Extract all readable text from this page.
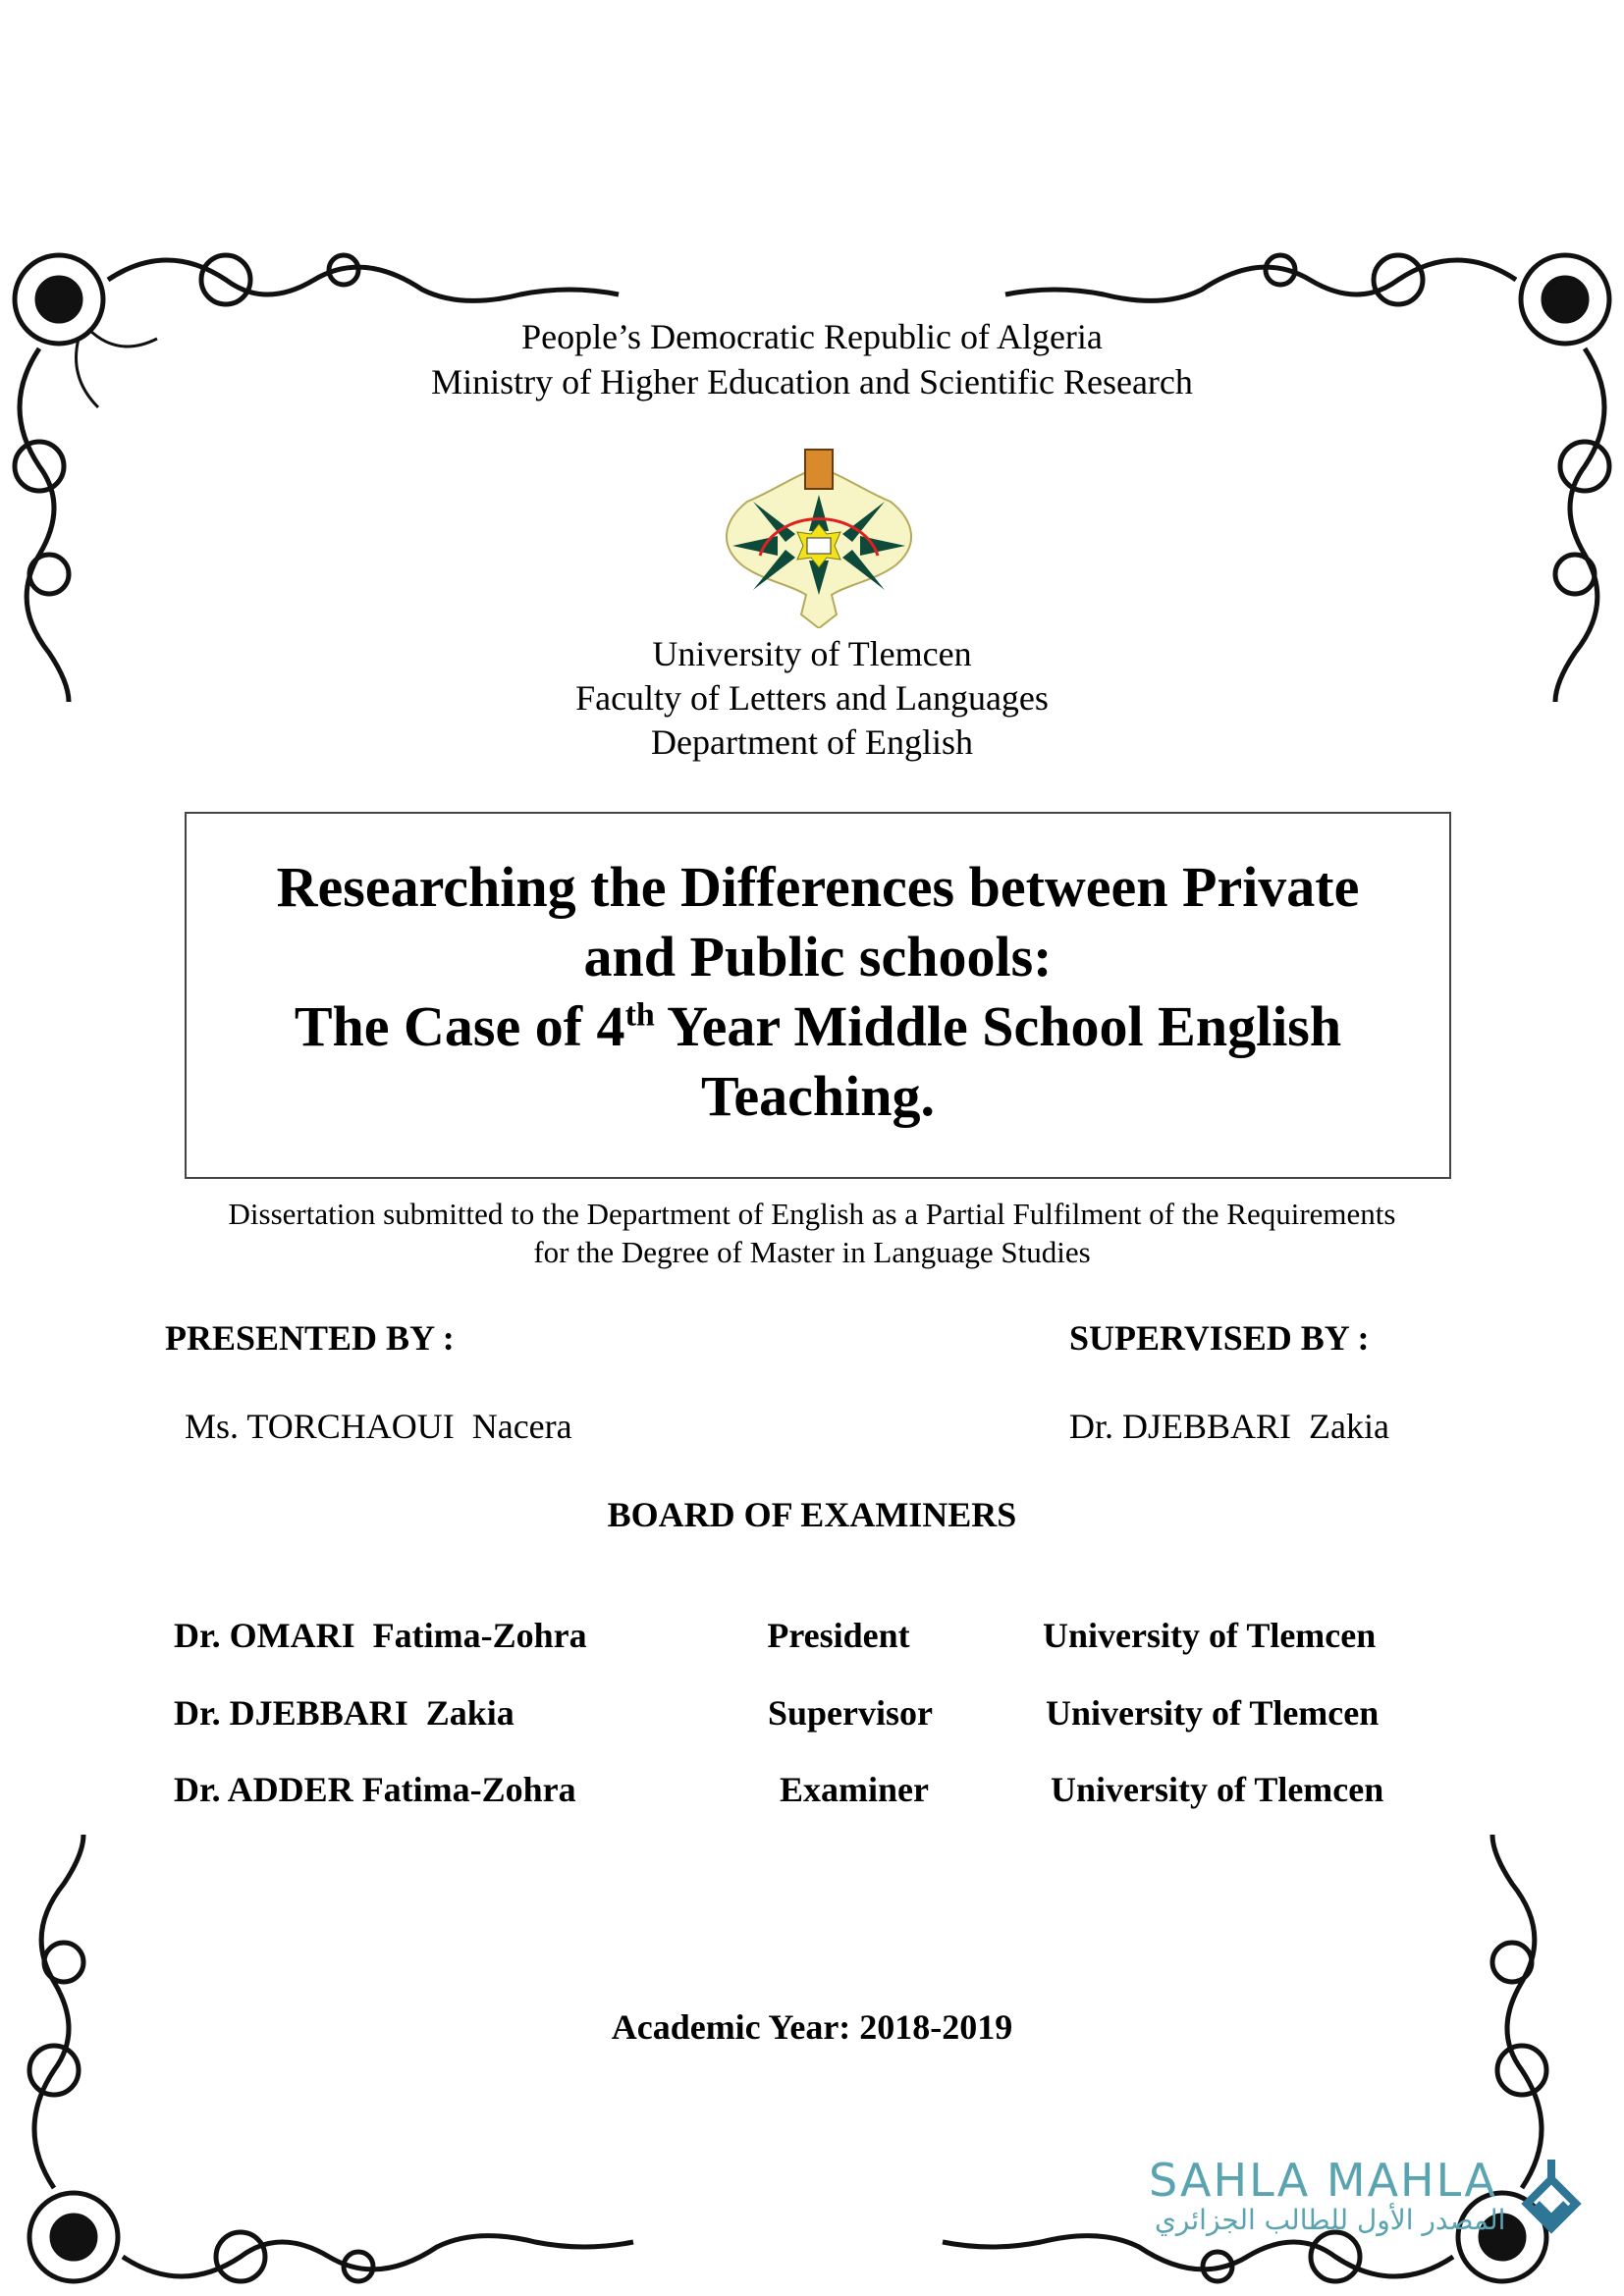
People’s Democratic Republic of Algeria
Ministry of Higher Education and Scientific Research
University of Tlemcen
Faculty of Letters and Languages
Department of English
Researching the Differences between Private
and Public schools:
The Case of 4th Year Middle School English
Teaching.
Dissertation submitted to the Department of English as a Partial Fulfilment of the Requirements
for the Degree of Master in Language Studies
PRESENTED BY :	SUPERVISED BY :
Ms. TORCHAOUI  Nacera	Dr. DJEBBARI  Zakia
BOARD OF EXAMINERS
Dr. OMARI  Fatima-Zohra	President	University of Tlemcen
Dr. DJEBBARI  Zakia	Supervisor	University of Tlemcen
Dr. ADDER Fatima-Zohra	Examiner	University of Tlemcen
Academic Year: 2018-2019
SAHLA MAHLA
المصدر الأول للطالب الجزائري
